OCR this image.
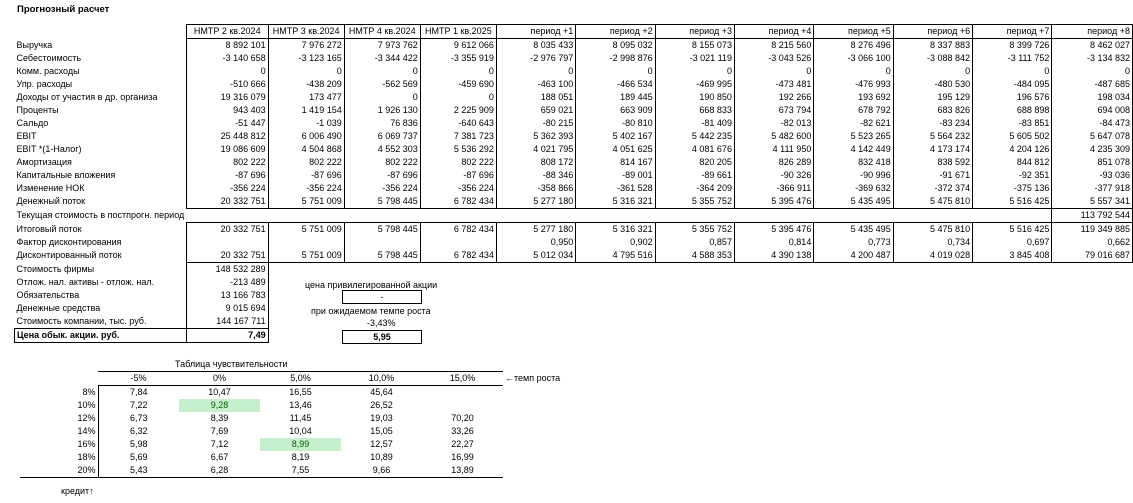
Прогнозный расчет
	НМТР 2 кв.2024	НМТР 3 кв.2024	НМТР 4 кв.2024	НМТР 1 кв.2025	период +1	период +2	период +3	период +4	период +5	период +6	период +7	период +8
Выручка	8 892 101	7 976 272	7 973 762	9 612 066	8 035 433	8 095 032	8 155 073	8 215 560	8 276 496	8 337 883	8 399 726	8 462 027
Себестоимость	-3 140 658	-3 123 165	-3 344 422	-3 355 919	-2 976 797	-2 998 876	-3 021 119	-3 043 526	-3 066 100	-3 088 842	-3 111 752	-3 134 832
Комм. расходы	0	0	0	0	0	0	0	0	0	0	0	0
Упр. расходы	-510 666	-438 209	-562 569	-459 690	-463 100	-466 534	-469 995	-473 481	-476 993	-480 530	-484 095	-487 685
Доходы от участия в др. организа	19 316 079	173 477	0	0	188 051	189 445	190 850	192 266	193 692	195 129	196 576	198 034
Проценты	943 403	1 419 154	1 926 130	2 225 909	659 021	663 909	668 833	673 794	678 792	683 826	688 898	694 008
Сальдо	-51 447	-1 039	76 836	-640 643	-80 215	-80 810	-81 409	-82 013	-82 621	-83 234	-83 851	-84 473
EBIT	25 448 812	6 006 490	6 069 737	7 381 723	5 362 393	5 402 167	5 442 235	5 482 600	5 523 265	5 564 232	5 605 502	5 647 078
EBIT *(1-Налог)	19 086 609	4 504 868	4 552 303	5 536 292	4 021 795	4 051 625	4 081 676	4 111 950	4 142 449	4 173 174	4 204 126	4 235 309
Амортизация	802 222	802 222	802 222	802 222	808 172	814 167	820 205	826 289	832 418	838 592	844 812	851 078
Капитальные вложения	-87 696	-87 696	-87 696	-87 696	-88 346	-89 001	-89 661	-90 326	-90 996	-91 671	-92 351	-93 036
Изменение НОК	-356 224	-356 224	-356 224	-356 224	-358 866	-361 528	-364 209	-366 911	-369 632	-372 374	-375 136	-377 918
Денежный поток	20 332 751	5 751 009	5 798 445	6 782 434	5 277 180	5 316 321	5 355 752	5 395 476	5 435 495	5 475 810	5 516 425	5 557 341
Текущая стоимость в постпрогн. период												113 792 544
Итоговый поток	20 332 751	5 751 009	5 798 445	6 782 434	5 277 180	5 316 321	5 355 752	5 395 476	5 435 495	5 475 810	5 516 425	119 349 885
Фактор дисконтирования					0,950	0,902	0,857	0,814	0,773	0,734	0,697	0,662
Дисконтированный поток	20 332 751	5 751 009	5 798 445	6 782 434	5 012 034	4 795 516	4 588 353	4 390 138	4 200 487	4 019 028	3 845 408	79 016 687
Стоимость фирмы	148 532 289											
Отлож. нал. активы - отлож. нал.	-213 489											
Обязательства	13 166 783											
Денежные средства	9 015 694											
Стоимость компании, тыс. руб.	144 167 711											
Цена обык. акции. руб.	7,49											
цена привилегированной акции
-
при ожидаемом темпе роста
-3,43%
5,95
Таблица чувствительности
	-5%	0%	5,0%	10,0%	15,0%	←темп роста
8%	7,84	10,47	16,55	45,64		
10%	7,22	9,28	13,46	26,52		
12%	6,73	8,39	11,45	19,03	70,20	
14%	6,32	7,69	10,04	15,05	33,26	
16%	5,98	7,12	8,99	12,57	22,27	
18%	5,69	6,67	8,19	10,89	16,99	
20%	5,43	6,28	7,55	9,66	13,89	
кредит↑
